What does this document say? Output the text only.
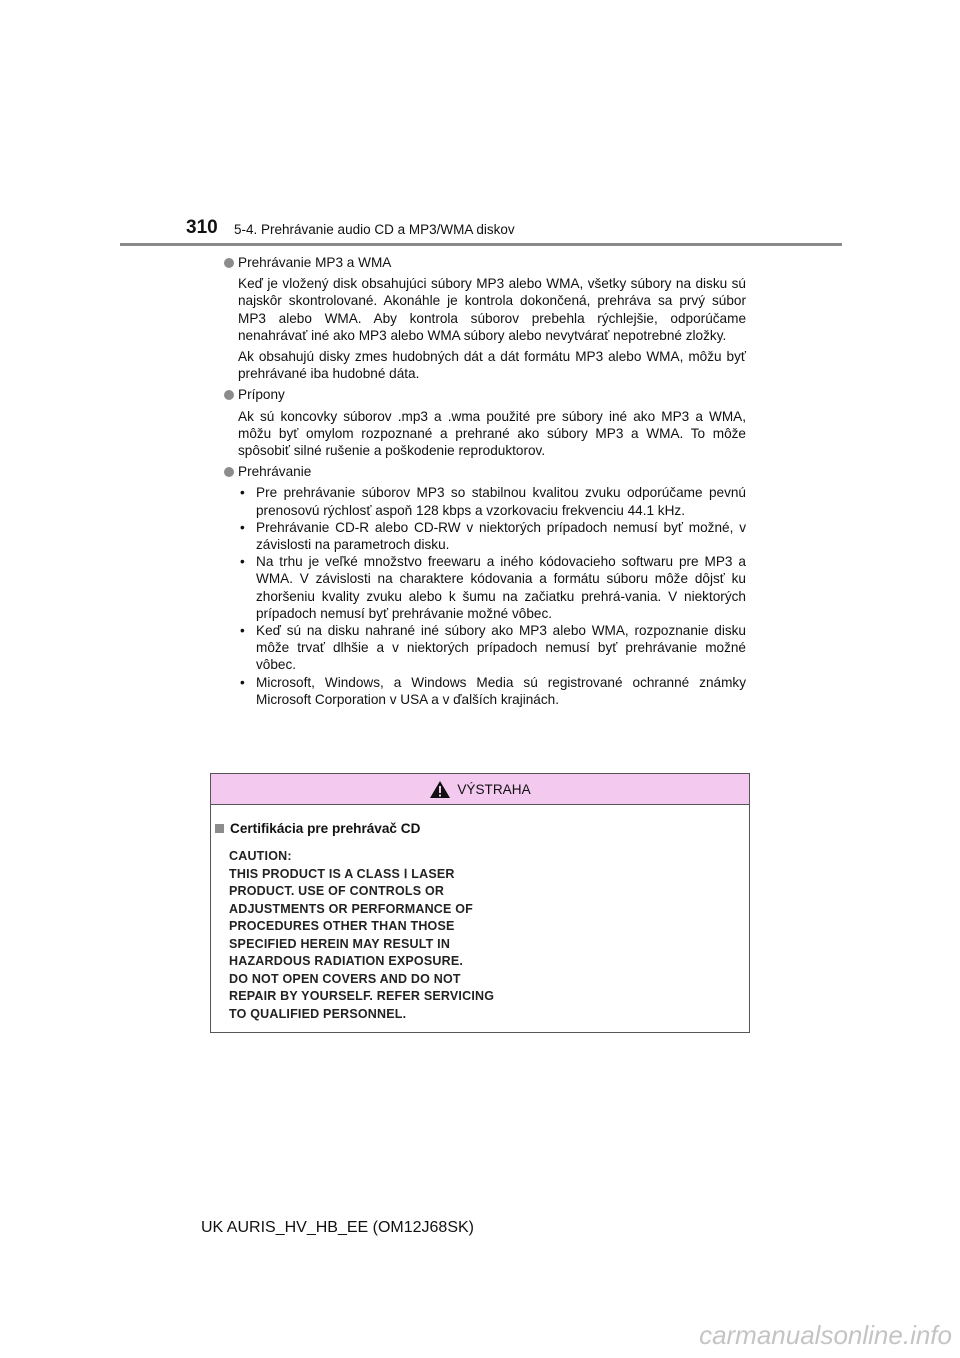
310 5-4. Prehrávanie audio CD a MP3/WMA diskov
Prehrávanie MP3 a WMA

Keď je vložený disk obsahujúci súbory MP3 alebo WMA, všetky súbory na disku sú najskôr skontrolované. Akonáhle je kontrola dokončená, prehráva sa prvý súbor MP3 alebo WMA. Aby kontrola súborov prebehla rýchlejšie, odporúčame nenahrávať iné ako MP3 alebo WMA súbory alebo nevytvárať nepotrebné zložky.

Ak obsahujú disky zmes hudobných dát a dát formátu MP3 alebo WMA, môžu byť prehrávané iba hudobné dáta.

Prípony

Ak sú koncovky súborov .mp3 a .wma použité pre súbory iné ako MP3 a WMA, môžu byť omylom rozpoznané a prehrané ako súbory MP3 a WMA. To môže spôsobiť silné rušenie a poškodenie reproduktorov.

Prehrávanie
• Pre prehrávanie súborov MP3 so stabilnou kvalitou zvuku odporúčame pevnú prenosovú rýchlosť aspoň 128 kbps a vzorkovaciu frekvenciu 44.1 kHz.
• Prehrávanie CD-R alebo CD-RW v niektorých prípadoch nemusí byť možné, v závislosti na parametroch disku.
• Na trhu je veľké množstvo freewaru a iného kódovacieho softwaru pre MP3 a WMA. V závislosti na charaktere kódovania a formátu súboru môže dôjsť ku zhoršeniu kvality zvuku alebo k šumu na začiatku prehrá-vania. V niektorých prípadoch nemusí byť prehrávanie možné vôbec.
• Keď sú na disku nahrané iné súbory ako MP3 alebo WMA, rozpoznanie disku môže trvať dlhšie a v niektorých prípadoch nemusí byť prehrávanie možné vôbec.
• Microsoft, Windows, a Windows Media sú registrované ochranné známky Microsoft Corporation v USA a v ďalších krajinách.
VÝSTRAHA
Certifikácia pre prehrávač CD
CAUTION:
THIS PRODUCT IS A CLASS Ⅰ LASER
PRODUCT. USE OF CONTROLS OR
ADJUSTMENTS OR PERFORMANCE OF
PROCEDURES OTHER THAN THOSE
SPECIFIED HEREIN MAY RESULT IN
HAZARDOUS RADIATION EXPOSURE.
DO NOT OPEN COVERS AND DO NOT
REPAIR BY YOURSELF. REFER SERVICING
TO QUALIFIED PERSONNEL.
UK AURIS_HV_HB_EE (OM12J68SK)
carmanualsonline.info
